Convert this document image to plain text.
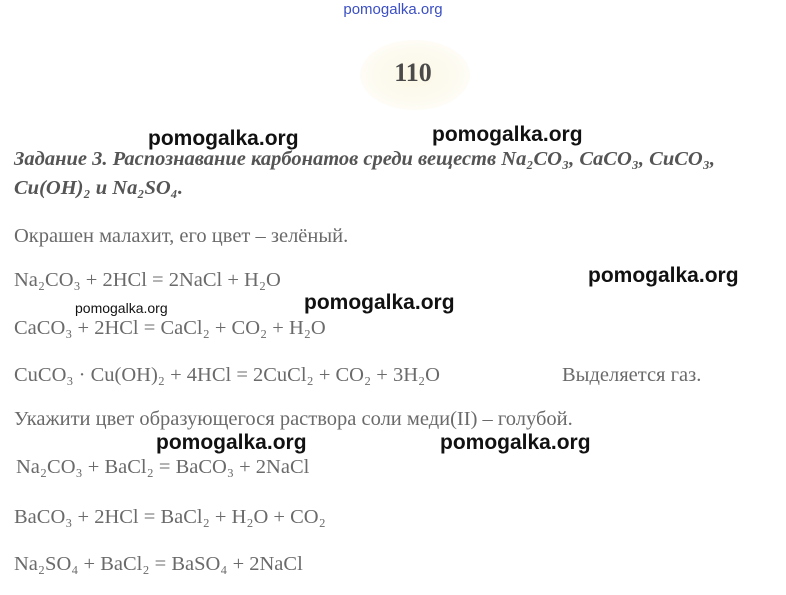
pomogalka.org
110
Задание 3. Распознавание карбонатов среди веществ Na₂CO₃, CaCO₃, CuCO₃, Cu(OH)₂ и Na₂SO₄.
Окрашен малахит, его цвет – зелёный.
Na₂CO₃ + 2HCl = 2NaCl + H₂O
CaCO₃ + 2HCl = CaCl₂ + CO₂ + H₂O
CuCO₃ · Cu(OH)₂ + 4HCl = 2CuCl₂ + CO₂ + 3H₂O	Выделяется газ.
Укажити цвет образующегося раствора соли меди(II) – голубой.
Na₂CO₃ + BaCl₂ = BaCO₃ + 2NaCl
BaCO₃ + 2HCl = BaCl₂ + H₂O + CO₂
Na₂SO₄ + BaCl₂ = BaSO₄ + 2NaCl
pomogalka.org	pomogalka.org
pomogalka.org
pomogalka.org	pomogalka.org
pomogalka.org	pomogalka.org
